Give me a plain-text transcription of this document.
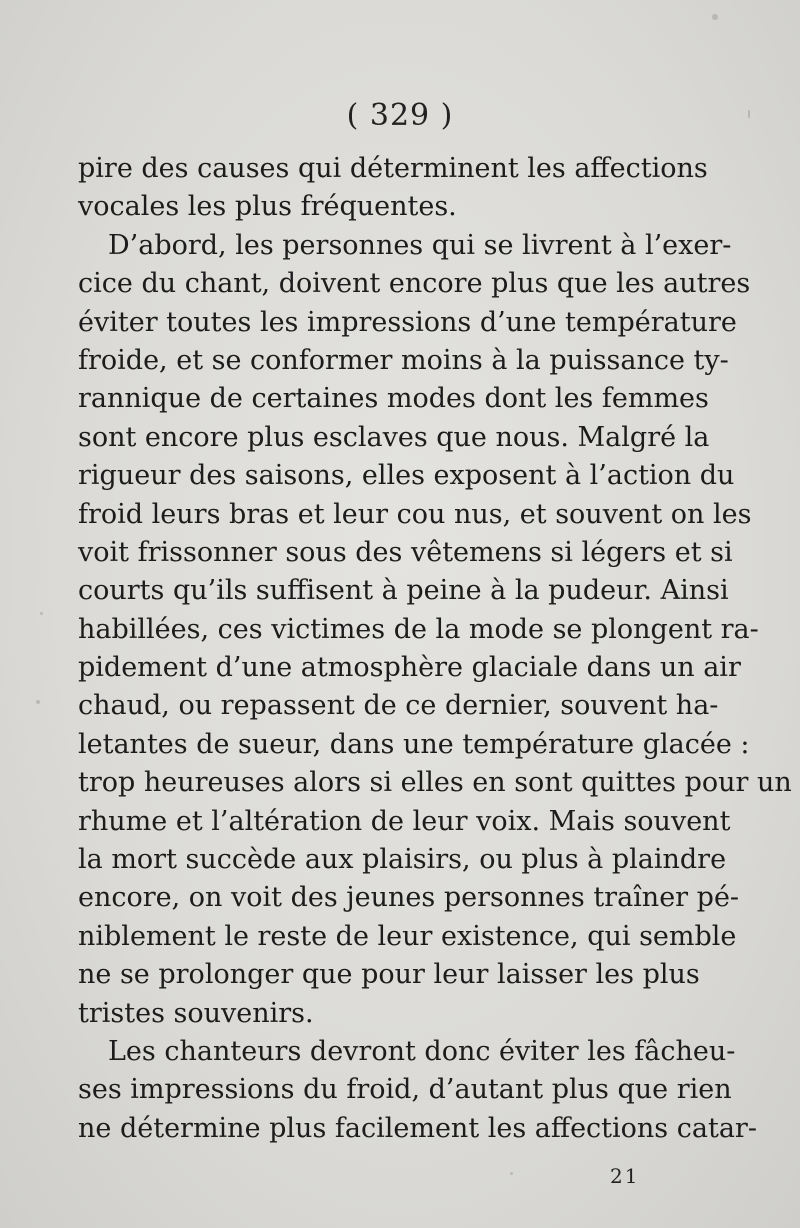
( 329 )
pire des causes qui déterminent les affections
vocales les plus fréquentes.
D’abord, les personnes qui se livrent à l’exer-
cice du chant, doivent encore plus que les autres
éviter toutes les impressions d’une température
froide, et se conformer moins à la puissance ty-
rannique de certaines modes dont les femmes
sont encore plus esclaves que nous. Malgré la
rigueur des saisons, elles exposent à l’action du
froid leurs bras et leur cou nus, et souvent on les
voit frissonner sous des vêtemens si légers et si
courts qu’ils suffisent à peine à la pudeur. Ainsi
habillées, ces victimes de la mode se plongent ra-
pidement d’une atmosphère glaciale dans un air
chaud, ou repassent de ce dernier, souvent ha-
letantes de sueur, dans une température glacée :
trop heureuses alors si elles en sont quittes pour un
rhume et l’altération de leur voix. Mais souvent
la mort succède aux plaisirs, ou plus à plaindre
encore, on voit des jeunes personnes traîner pé-
niblement le reste de leur existence, qui semble
ne se prolonger que pour leur laisser les plus
tristes souvenirs.
Les chanteurs devront donc éviter les fâcheu-
ses impressions du froid, d’autant plus que rien
ne détermine plus facilement les affections catar-
21
